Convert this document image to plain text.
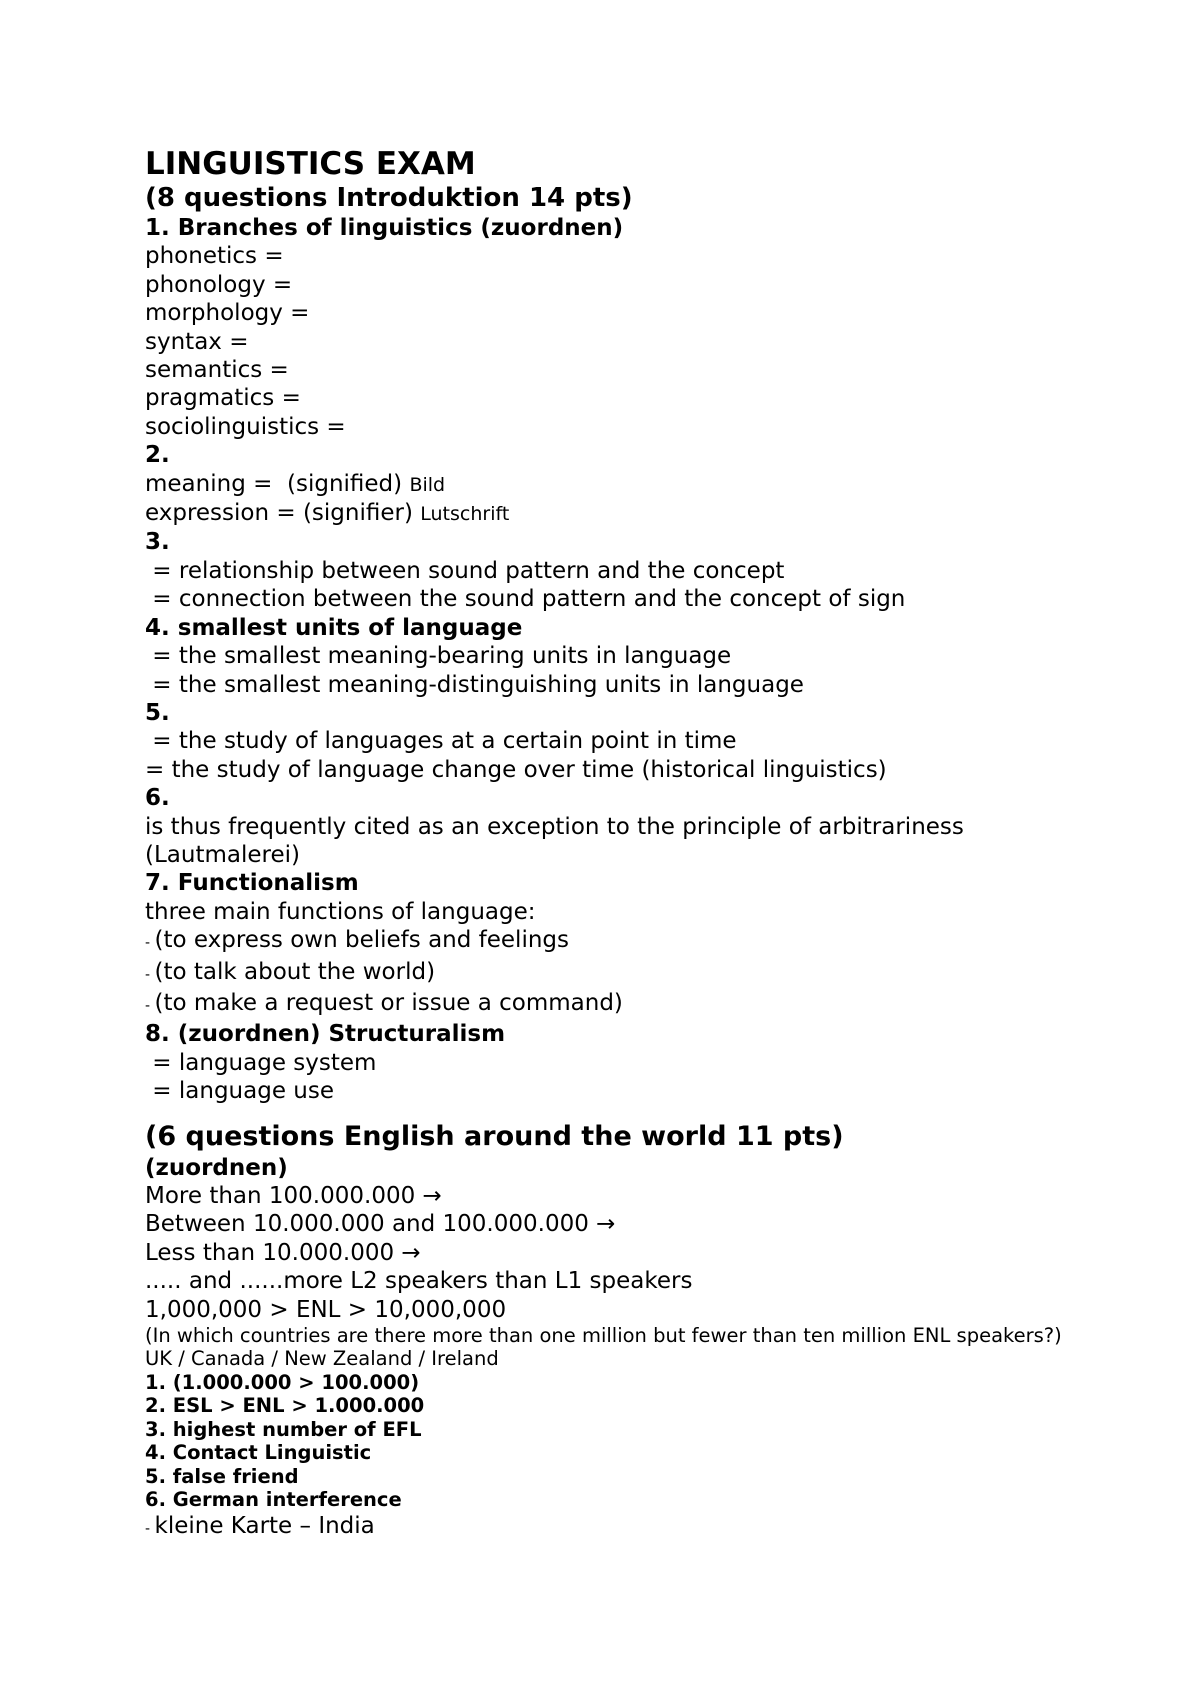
LINGUISTICS EXAM
(8 questions Introduktion 14 pts)
1. Branches of linguistics (zuordnen)
phonetics =
phonology =
morphology =
syntax =
semantics =
pragmatics =
sociolinguistics =
2.
meaning =  (signified) Bild
expression = (signifier) Lutschrift
3.
= relationship between sound pattern and the concept
= connection between the sound pattern and the concept of sign
4. smallest units of language
= the smallest meaning-bearing units in language
= the smallest meaning-distinguishing units in language
5.
= the study of languages at a certain point in time
= the study of language change over time (historical linguistics)
6.
is thus frequently cited as an exception to the principle of arbitrariness
(Lautmalerei)
7. Functionalism
three main functions of language:
- (to express own beliefs and feelings
- (to talk about the world)
- (to make a request or issue a command)
8. (zuordnen) Structuralism
= language system
= language use
(6 questions English around the world 11 pts)
(zuordnen)
More than 100.000.000 →
Between 10.000.000 and 100.000.000 →
Less than 10.000.000 →
..... and ......more L2 speakers than L1 speakers
1,000,000 > ENL > 10,000,000
(In which countries are there more than one million but fewer than ten million ENL speakers?)
UK / Canada / New Zealand / Ireland
1. (1.000.000 > 100.000)
2. ESL > ENL > 1.000.000
3. highest number of EFL
4. Contact Linguistic
5. false friend
6. German interference
- kleine Karte – India
